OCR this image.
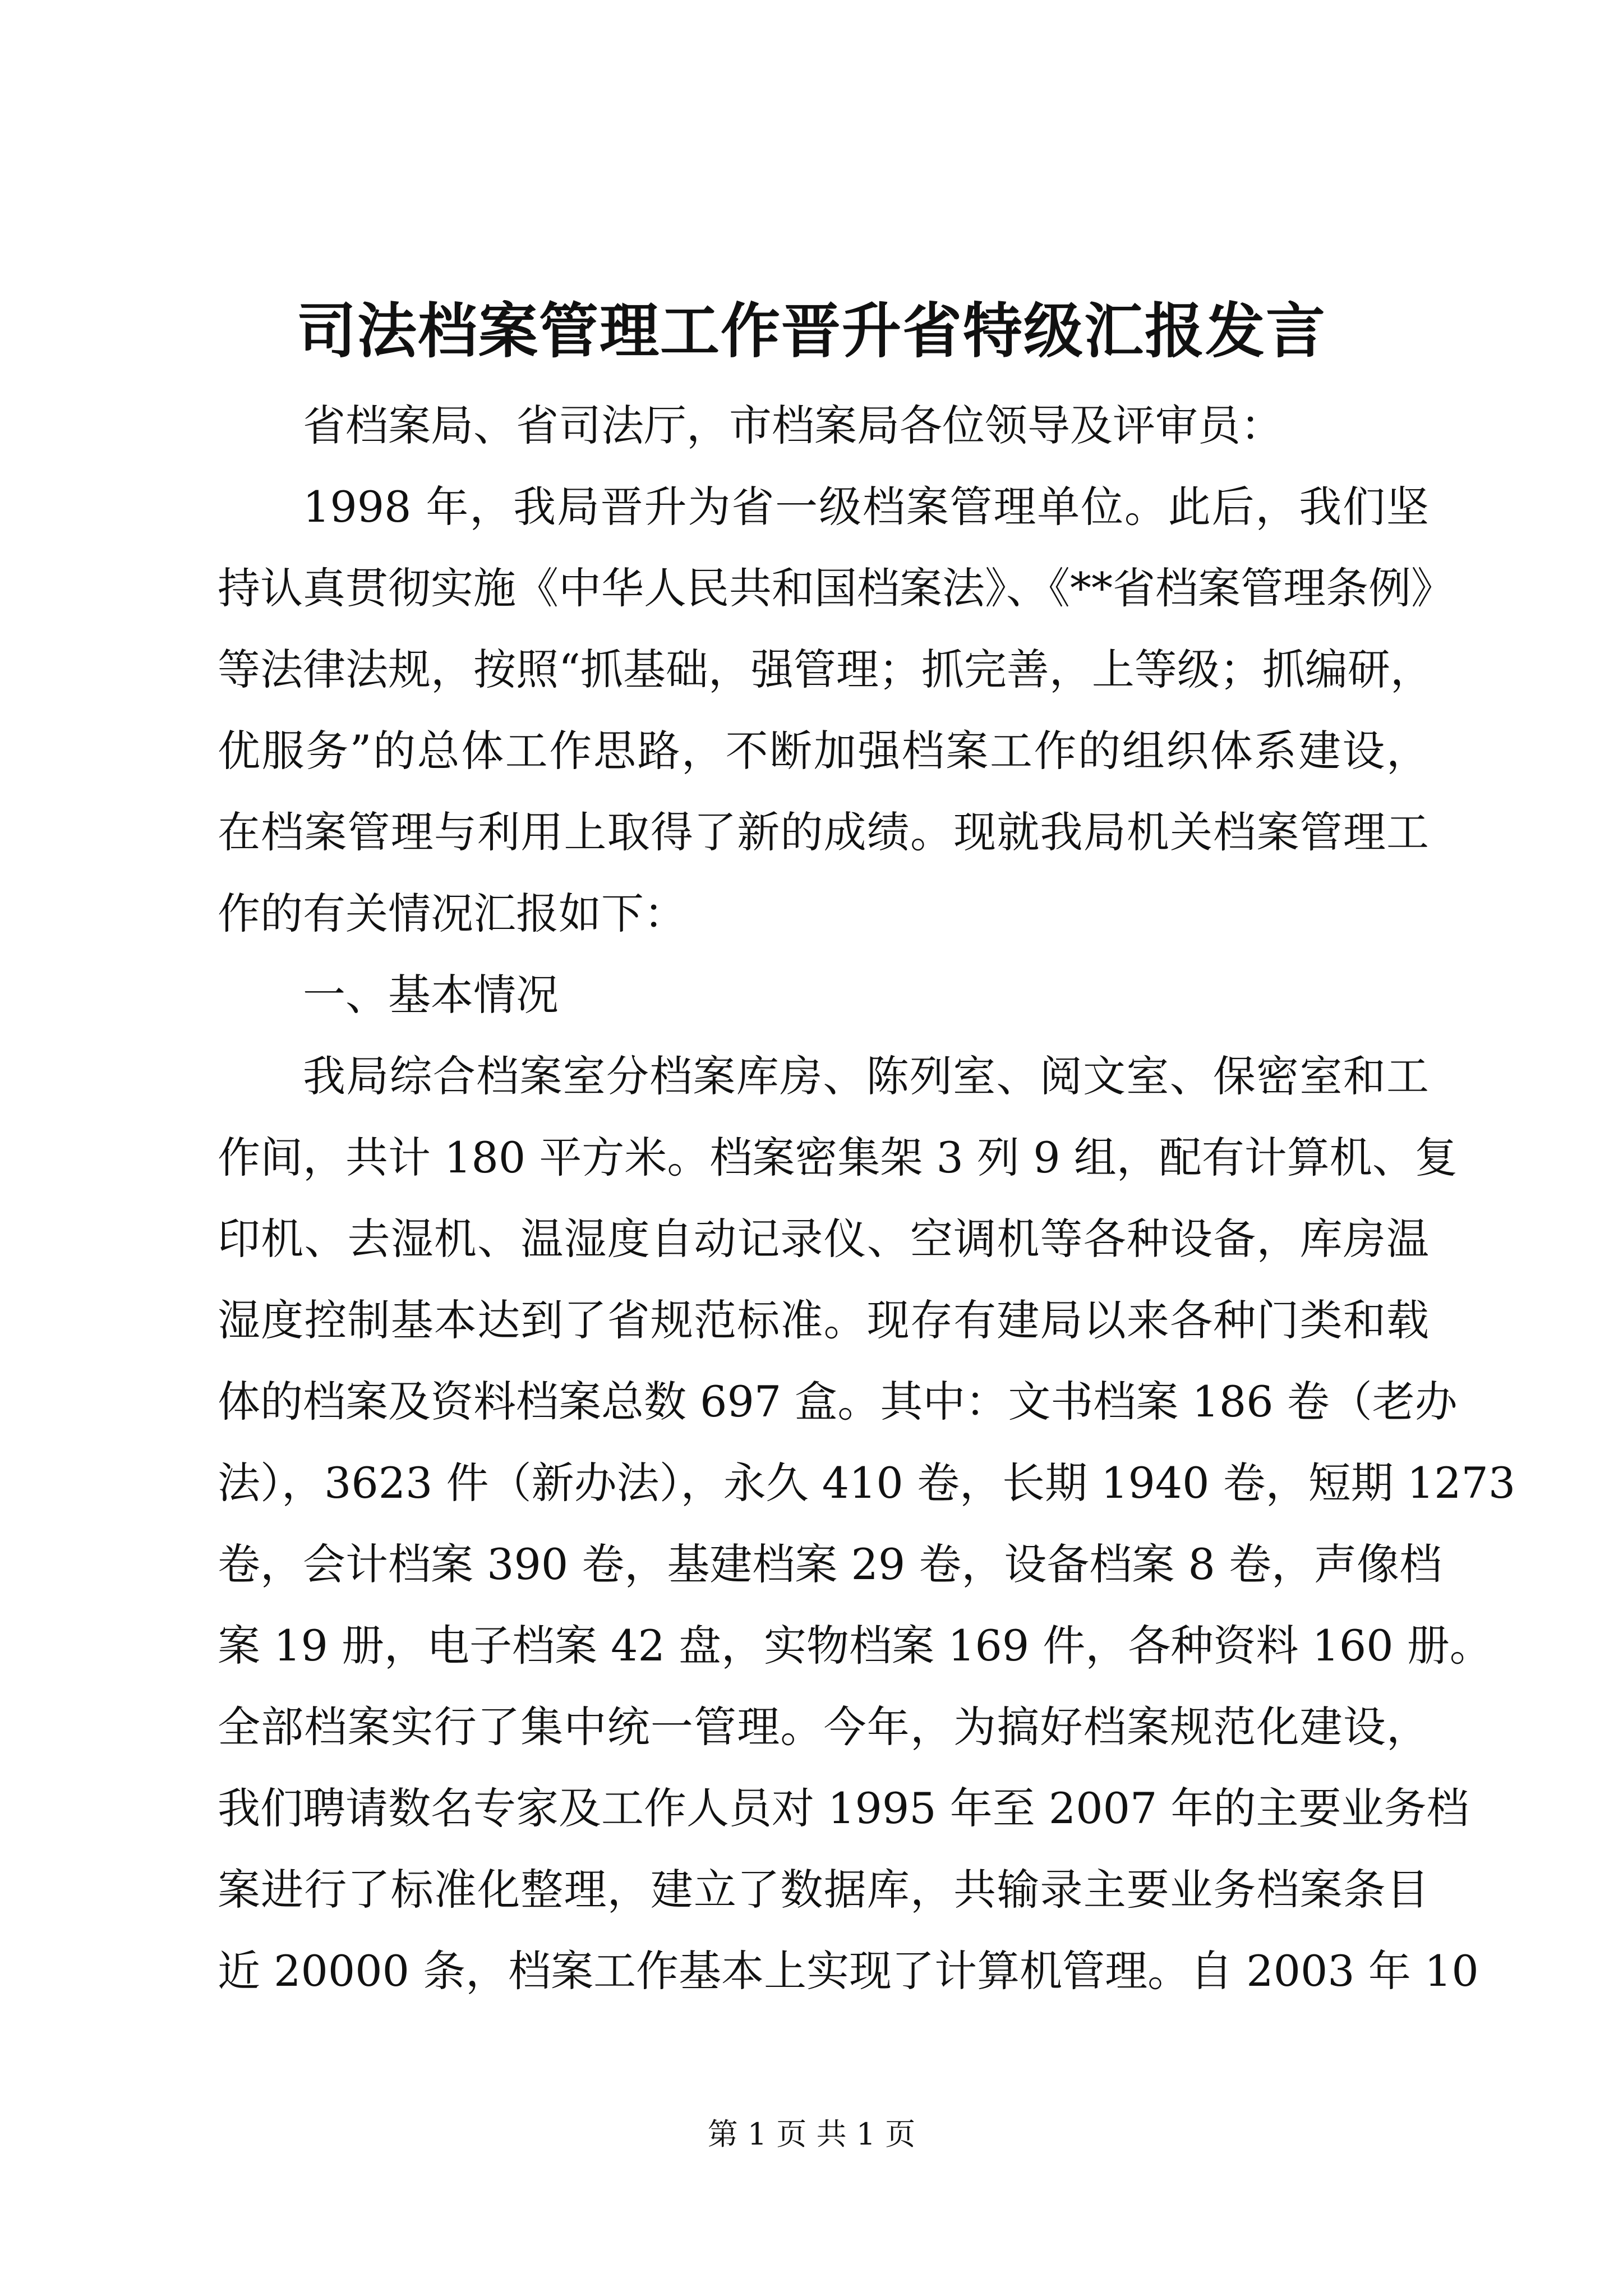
司法档案管理工作晋升省特级汇报发言
省档案局、省司法厅，市档案局各位领导及评审员：
1998 年，我局晋升为省一级档案管理单位。此后，我们坚
持认真贯彻实施《中华人民共和国档案法》、《**省档案管理条例》
等法律法规，按照“抓基础，强管理；抓完善，上等级；抓编研，
优服务”的总体工作思路，不断加强档案工作的组织体系建设，
在档案管理与利用上取得了新的成绩。现就我局机关档案管理工
作的有关情况汇报如下：
一、基本情况
我局综合档案室分档案库房、陈列室、阅文室、保密室和工
作间，共计 180 平方米。档案密集架 3 列 9 组，配有计算机、复
印机、去湿机、温湿度自动记录仪、空调机等各种设备，库房温
湿度控制基本达到了省规范标准。现存有建局以来各种门类和载
体的档案及资料档案总数 697 盒。其中：文书档案 186 卷（老办
法），3623 件（新办法），永久 410 卷，长期 1940 卷，短期 1273
卷，会计档案 390 卷，基建档案 29 卷，设备档案 8 卷，声像档
案 19 册，电子档案 42 盘，实物档案 169 件，各种资料 160 册。
全部档案实行了集中统一管理。今年，为搞好档案规范化建设，
我们聘请数名专家及工作人员对 1995 年至 2007 年的主要业务档
案进行了标准化整理，建立了数据库，共输录主要业务档案条目
近 20000 条，档案工作基本上实现了计算机管理。自 2003 年 10
第 1 页 共 1 页
